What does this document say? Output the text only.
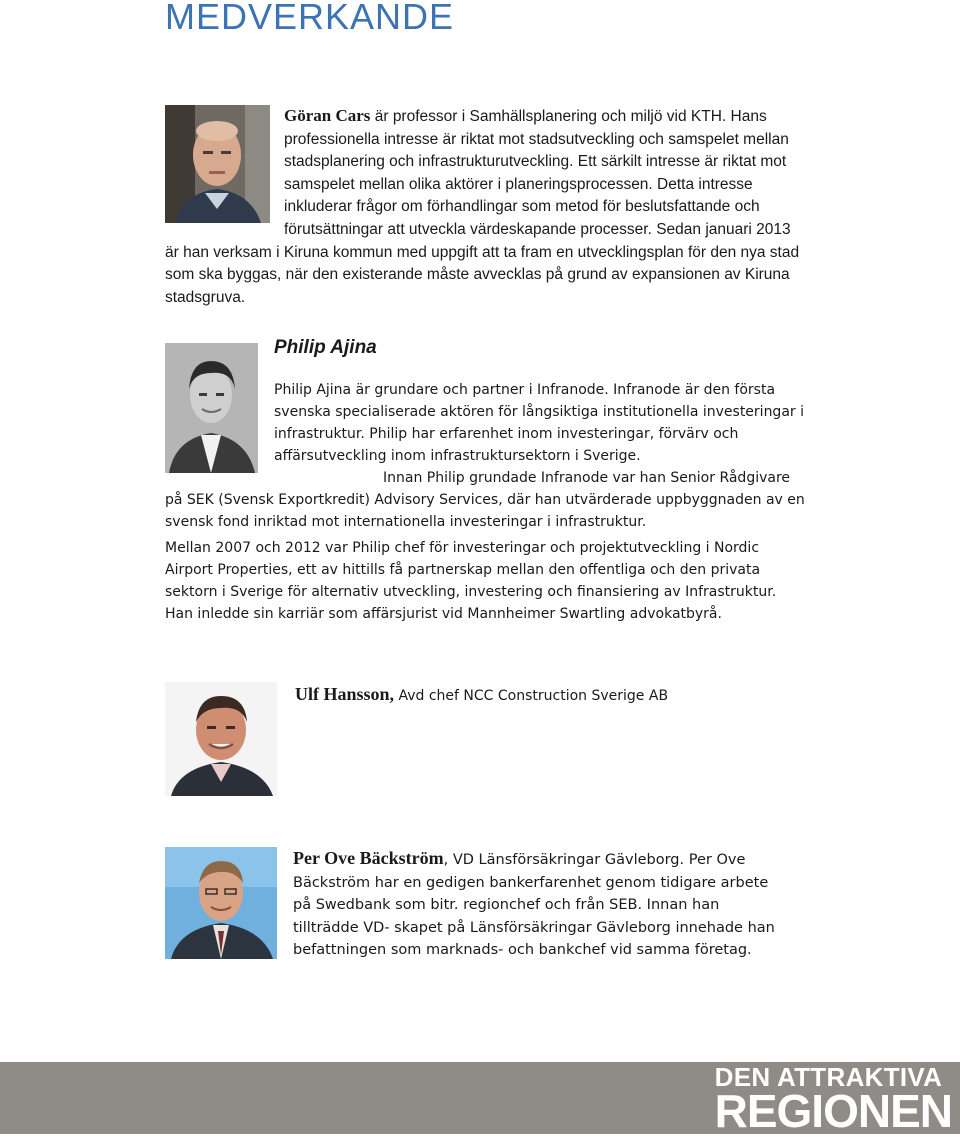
MEDVERKANDE

Göran Cars är professor i Samhällsplanering och miljö vid KTH. Hans professionella intresse är riktat mot stadsutveckling och samspelet mellan stadsplanering och infrastrukturutveckling. Ett särkilt intresse är riktat mot samspelet mellan olika aktörer i planeringsprocessen. Detta intresse inkluderar frågor om förhandlingar som metod för beslutsfattande och förutsättningar att utveckla värdeskapande processer. Sedan januari 2013 är han verksam i Kiruna kommun med uppgift att ta fram en utvecklingsplan för den nya stad som ska byggas, när den existerande måste avvecklas på grund av expansionen av Kiruna stadsgruva.

Philip Ajina

Philip Ajina är grundare och partner i Infranode. Infranode är den första svenska specialiserade aktören för långsiktiga institutionella investeringar i infrastruktur. Philip har erfarenhet inom investeringar, förvärv och affärsutveckling inom infrastruktursektorn i Sverige.

Innan Philip grundade Infranode var han Senior Rådgivare på SEK (Svensk Exportkredit) Advisory Services, där han utvärderade uppbyggnaden av en svensk fond inriktad mot internationella investeringar i infrastruktur.

Mellan 2007 och 2012 var Philip chef för investeringar och projektutveckling i Nordic Airport Properties, ett av hittills få partnerskap mellan den offentliga och den privata sektorn i Sverige för alternativ utveckling, investering och finansiering av Infrastruktur. Han inledde sin karriär som affärsjurist vid Mannheimer Swartling advokatbyrå.

Ulf Hansson, Avd chef NCC Construction Sverige AB
Per Ove Bäckström, VD Länsförsäkringar Gävleborg. Per Ove Bäckström har en gedigen bankerfarenhet genom tidigare arbete på Swedbank som bitr. regionchef och från SEB. Innan han tillträdde VD- skapet på Länsförsäkringar Gävleborg innehade han befattningen som marknads- och bankchef vid samma företag.
DEN ATTRAKTIVA
REGIONEN
